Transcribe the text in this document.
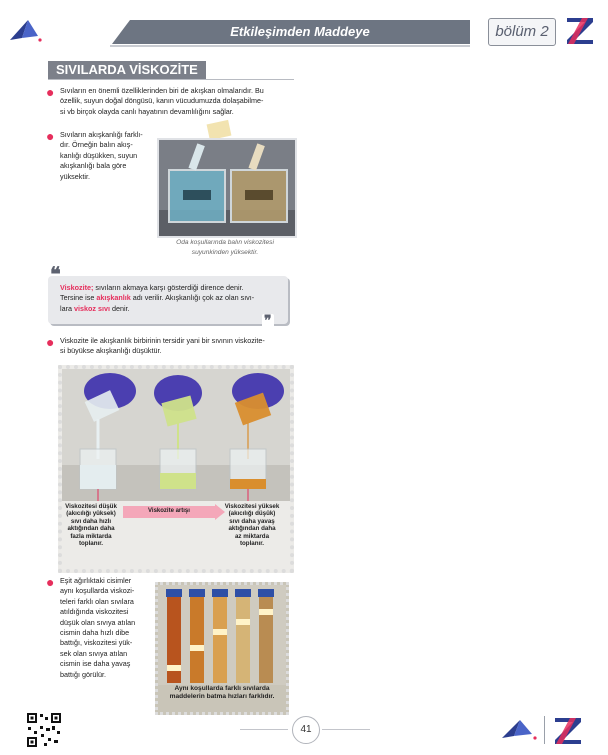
Etkileşimden Maddeye	bölüm 2
SIVILARDA VİSKOZİTE
● Sıvıların en önemli özelliklerinden biri de akışkan olmalarıdır. Bu
özellik, suyun doğal döngüsü, kanın vücudumuzda dolaşabilme-
si vb birçok olayda canlı hayatının devamlılığını sağlar.
● Sıvıların akışkanlığı farklı-
dır. Örneğin balın akış-
kanlığı düşükken, suyun
akışkanlığı bala göre
yüksektir.
Oda koşullarında balın viskozitesi
suyunkinden yüksektir.
❝
Viskozite; sıvıların akmaya karşı gösterdiği dirence denir.
Tersine ise akışkanlık adı verilir. Akışkanlığı çok az olan sıvı-
lara viskoz sıvı denir.
❞
● Viskozite ile akışkanlık birbirinin tersidir yani bir sıvının viskozite-
si büyükse akışkanlığı düşüktür.
Viskozitesi düşük
(akıcılığı yüksek)
sıvı daha hızlı
aktığından daha
fazla miktarda
toplanır.
Viskozite artışı
Viskozitesi yüksek
(akıcılığı düşük)
sıvı daha yavaş
aktığından daha
az miktarda
toplanır.
● Eşit ağırlıktaki cisimler
aynı koşullarda viskozi-
teleri farklı olan sıvılara
atıldığında viskozitesi
düşük olan sıvıya atılan
cismin daha hızlı dibe
battığı, viskozitesi yük-
sek olan sıvıya atılan
cismin ise daha yavaş
battığı görülür.
Aynı koşullarda farklı sıvılarda
maddelerin batma hızları farklıdır.
41
